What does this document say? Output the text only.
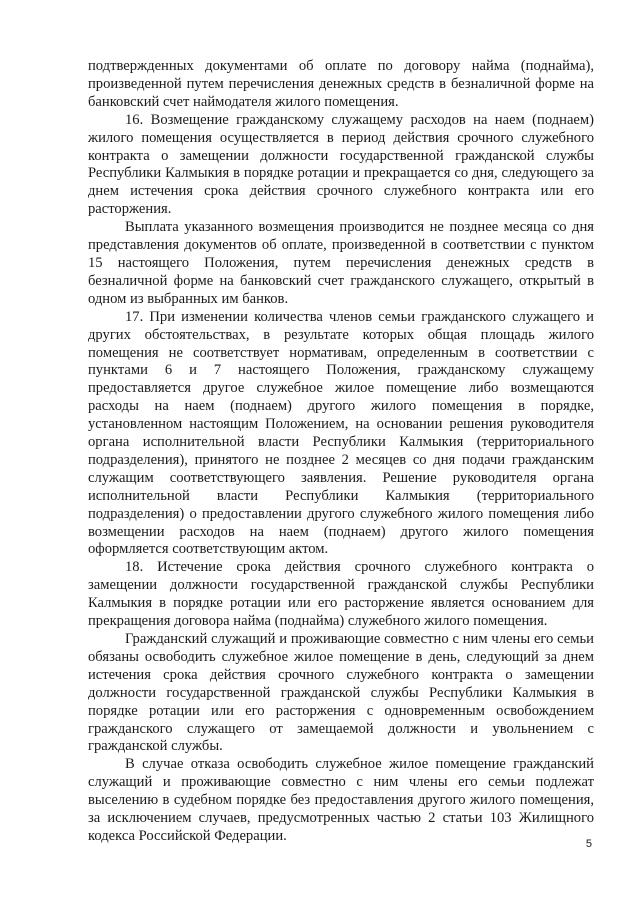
подтвержденных документами об оплате по договору найма (поднайма), произведенной путем перечисления денежных средств в безналичной форме на банковский счет наймодателя жилого помещения.

16. Возмещение гражданскому служащему расходов на наем (поднаем) жилого помещения осуществляется в период действия срочного служебного контракта о замещении должности государственной гражданской службы Республики Калмыкия в порядке ротации и прекращается со дня, следующего за днем истечения срока действия срочного служебного контракта или его расторжения.

Выплата указанного возмещения производится не позднее месяца со дня представления документов об оплате, произведенной в соответствии с пунктом 15 настоящего Положения, путем перечисления денежных средств в безналичной форме на банковский счет гражданского служащего, открытый в одном из выбранных им банков.

17. При изменении количества членов семьи гражданского служащего и других обстоятельствах, в результате которых общая площадь жилого помещения не соответствует нормативам, определенным в соответствии с пунктами 6 и 7 настоящего Положения, гражданскому служащему предоставляется другое служебное жилое помещение либо возмещаются расходы на наем (поднаем) другого жилого помещения в порядке, установленном настоящим Положением, на основании решения руководителя органа исполнительной власти Республики Калмыкия (территориального подразделения), принятого не позднее 2 месяцев со дня подачи гражданским служащим соответствующего заявления. Решение руководителя органа исполнительной власти Республики Калмыкия (территориального подразделения) о предоставлении другого служебного жилого помещения либо возмещении расходов на наем (поднаем) другого жилого помещения оформляется соответствующим актом.

18. Истечение срока действия срочного служебного контракта о замещении должности государственной гражданской службы Республики Калмыкия в порядке ротации или его расторжение является основанием для прекращения договора найма (поднайма) служебного жилого помещения.

Гражданский служащий и проживающие совместно с ним члены его семьи обязаны освободить служебное жилое помещение в день, следующий за днем истечения срока действия срочного служебного контракта о замещении должности государственной гражданской службы Республики Калмыкия в порядке ротации или его расторжения с одновременным освобождением гражданского служащего от замещаемой должности и увольнением с гражданской службы.

В случае отказа освободить служебное жилое помещение гражданский служащий и проживающие совместно с ним члены его семьи подлежат выселению в судебном порядке без предоставления другого жилого помещения, за исключением случаев, предусмотренных частью 2 статьи 103 Жилищного кодекса Российской Федерации.

5
